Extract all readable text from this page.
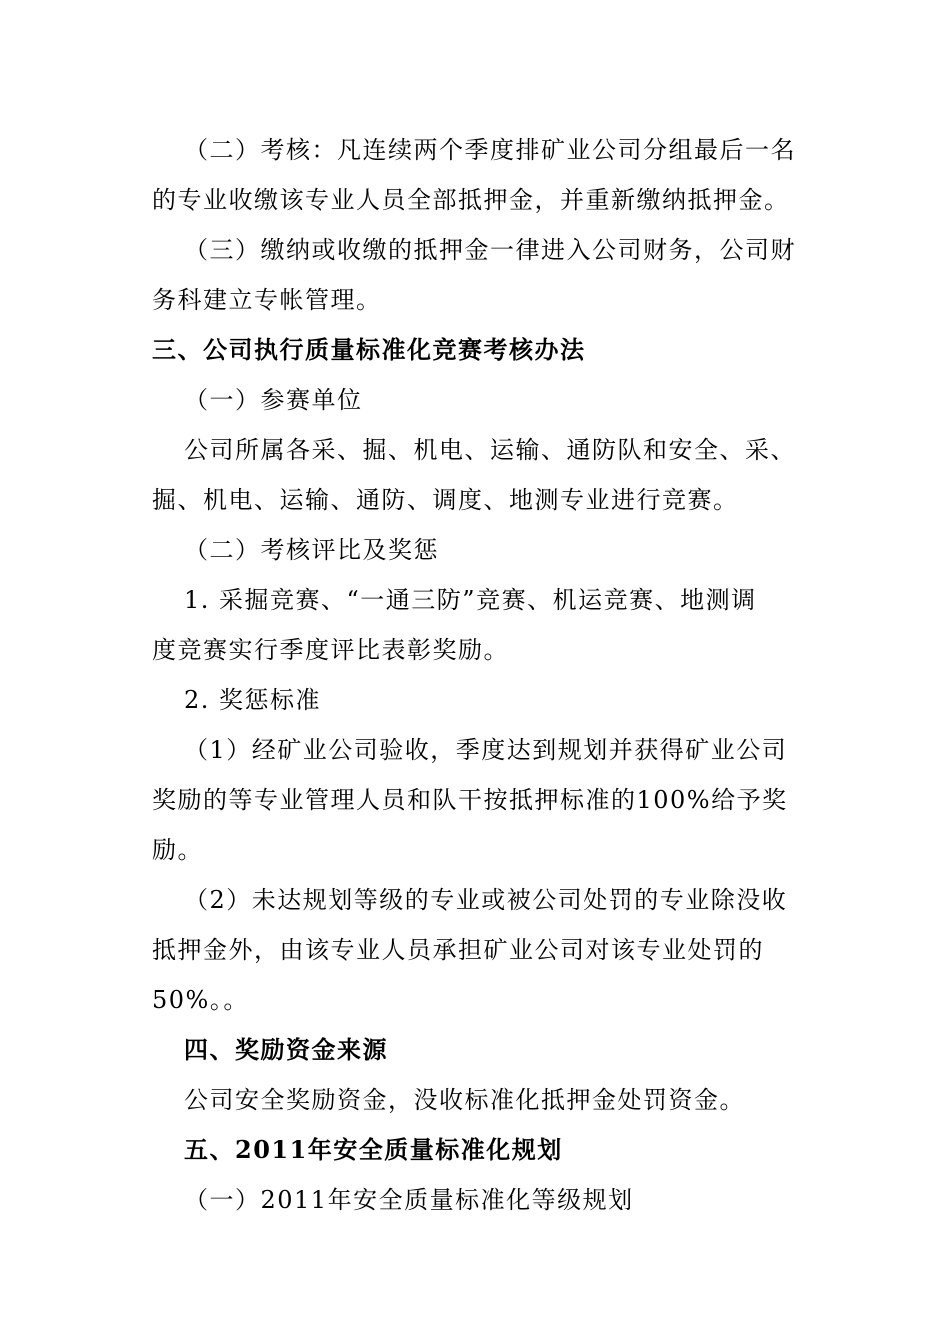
（二）考核：凡连续两个季度排矿业公司分组最后一名
的专业收缴该专业人员全部抵押金，并重新缴纳抵押金。
（三）缴纳或收缴的抵押金一律进入公司财务，公司财
务科建立专帐管理。
三、公司执行质量标准化竞赛考核办法
（一）参赛单位
公司所属各采、掘、机电、运输、通防队和安全、采、
掘、机电、运输、通防、调度、地测专业进行竞赛。
（二）考核评比及奖惩
1. 采掘竞赛、“一通三防”竞赛、机运竞赛、地测调
度竞赛实行季度评比表彰奖励。
2. 奖惩标准
（1）经矿业公司验收，季度达到规划并获得矿业公司
奖励的等专业管理人员和队干按抵押标准的100%给予奖
励。
（2）未达规划等级的专业或被公司处罚的专业除没收
抵押金外，由该专业人员承担矿业公司对该专业处罚的
50%。。
四、奖励资金来源
公司安全奖励资金，没收标准化抵押金处罚资金。
五、2011年安全质量标准化规划
（一）2011年安全质量标准化等级规划
